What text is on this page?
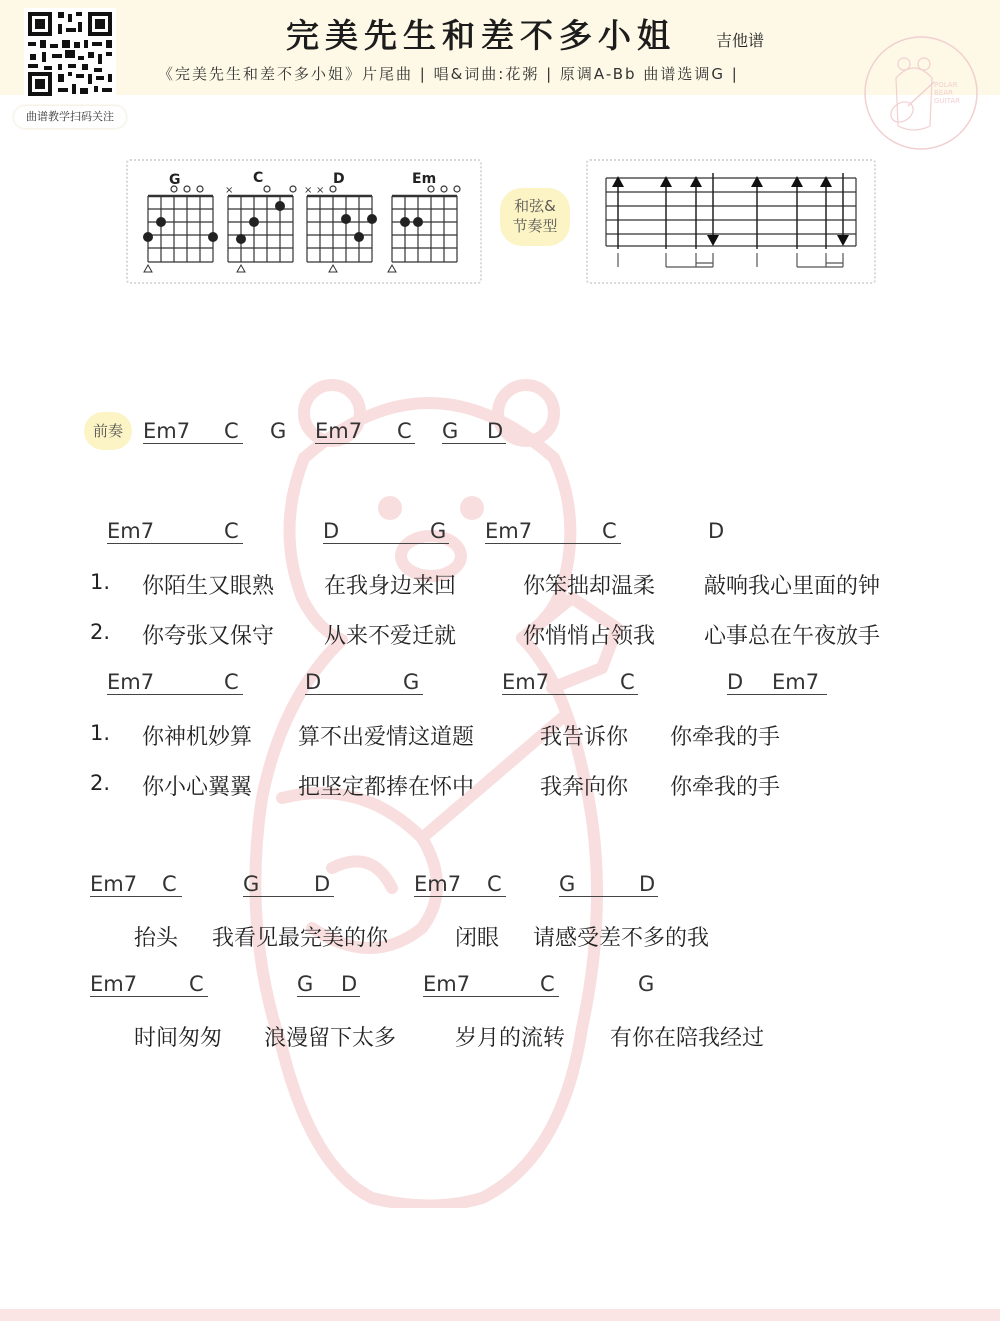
曲谱教学扫码关注
完美先生和差不多小姐	吉他谱
《完美先生和差不多小姐》片尾曲 | 唱&词曲:花粥 | 原调A-Bb 曲谱选调G |
POLAR
BEAR
GUITAR
G	C
×
D
× ×
Em
和弦&
节奏型
前奏 Em7 C G Em7 C G D
Em7	C	D	G Em7	C	D
1. 你陌生又眼熟 在我身边来回	你笨拙却温柔 敲响我心里面的钟
2. 你夸张又保守 从来不爱迁就	你悄悄占领我 心事总在午夜放手
Em7	C	D	G	Em7	C	D Em7
1. 你神机妙算 算不出爱情这道题	我告诉你 你牵我的手
2. 你小心翼翼 把坚定都捧在怀中	我奔向你 你牵我的手
Em7 C	G	D	Em7 C	G	D
抬头 我看见最完美的你	闭眼 请感受差不多的我
Em7 C	G D	Em7	C	G
时间匆匆 浪漫留下太多	岁月的流转 有你在陪我经过
